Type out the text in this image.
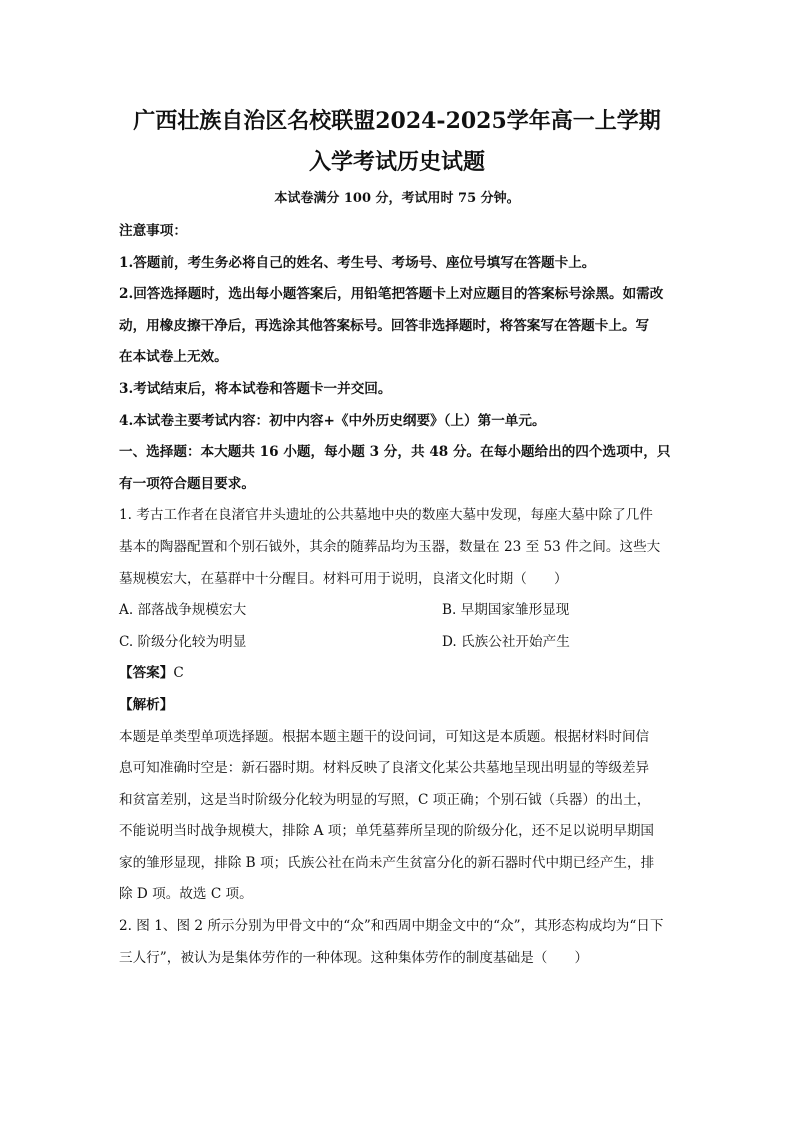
广西壮族自治区名校联盟2024-2025学年高一上学期
入学考试历史试题
本试卷满分 100 分，考试用时 75 分钟。

注意事项：

1.答题前，考生务必将自己的姓名、考生号、考场号、座位号填写在答题卡上。

2.回答选择题时，选出每小题答案后，用铅笔把答题卡上对应题目的答案标号涂黑。如需改

动，用橡皮擦干净后，再选涂其他答案标号。回答非选择题时，将答案写在答题卡上。写

在本试卷上无效。

3.考试结束后，将本试卷和答题卡一并交回。

4.本试卷主要考试内容：初中内容+《中外历史纲要》（上）第一单元。

一、选择题：本大题共 16 小题，每小题 3 分，共 48 分。在每小题给出的四个选项中，只

有一项符合题目要求。

1. 考古工作者在良渚官井头遗址的公共墓地中央的数座大墓中发现，每座大墓中除了几件

基本的陶器配置和个别石钺外，其余的随葬品均为玉器，数量在 23 至 53 件之间。这些大

墓规模宏大，在墓群中十分醒目。材料可用于说明，良渚文化时期（　　）

A. 部落战争规模宏大	B. 早期国家雏形显现
C. 阶级分化较为明显	D. 氏族公社开始产生

【答案】C

【解析】

本题是单类型单项选择题。根据本题主题干的设问词，可知这是本质题。根据材料时间信

息可知准确时空是：新石器时期。材料反映了良渚文化某公共墓地呈现出明显的等级差异

和贫富差别，这是当时阶级分化较为明显的写照，C 项正确；个别石钺（兵器）的出土，

不能说明当时战争规模大，排除 A 项；单凭墓葬所呈现的阶级分化，还不足以说明早期国

家的雏形显现，排除 B 项；氏族公社在尚未产生贫富分化的新石器时代中期已经产生，排

除 D 项。故选 C 项。

2. 图 1、图 2 所示分别为甲骨文中的“众”和西周中期金文中的“众”，其形态构成均为“日下

三人行”，被认为是集体劳作的一种体现。这种集体劳作的制度基础是（　　）
